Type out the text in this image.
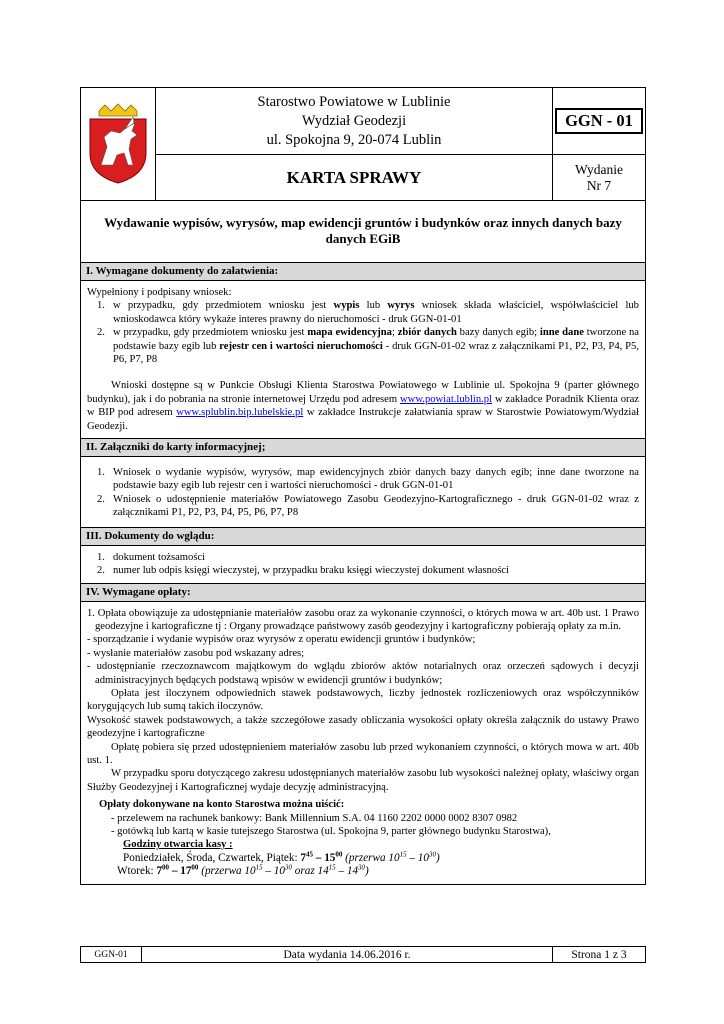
Starostwo Powiatowe w Lublinie
Wydział Geodezji
ul. Spokojna 9, 20-074 Lublin
KARTA SPRAWY
GGN - 01
Wydanie
Nr 7
Wydawanie wypisów, wyrysów, map ewidencji gruntów i budynków oraz innych danych bazy danych EGiB
I. Wymagane dokumenty do załatwienia:

Wypełniony i podpisany wniosek:

1. w przypadku, gdy przedmiotem wniosku jest wypis lub wyrys wniosek składa właściciel, współwłaściciel lub wnioskodawca który wykaże interes prawny do nieruchomości - druk GGN-01-01
2. w przypadku, gdy przedmiotem wniosku jest mapa ewidencyjna; zbiór danych bazy danych egib; inne dane tworzone na podstawie bazy egib lub rejestr cen i wartości nieruchomości - druk GGN-01-02 wraz z załącznikami P1, P2, P3, P4, P5, P6, P7, P8

Wnioski dostępne są w Punkcie Obsługi Klienta Starostwa Powiatowego w Lublinie ul. Spokojna 9 (parter głównego budynku), jak i do pobrania na stronie internetowej Urzędu pod adresem www.powiat.lublin.pl w zakładce Poradnik Klienta oraz w BIP pod adresem www.splublin.bip.lubelskie.pl w zakładce Instrukcje załatwiania spraw w Starostwie Powiatowym/Wydział Geodezji.

II. Załączniki do karty informacyjnej;
1. Wniosek o wydanie wypisów, wyrysów, map ewidencyjnych zbiór danych bazy danych egib; inne dane tworzone na podstawie bazy egib lub rejestr cen i wartości nieruchomości - druk GGN-01-01
2. Wniosek o udostępnienie materiałów Powiatowego Zasobu Geodezyjno-Kartograficznego - druk GGN-01-02 wraz z załącznikami P1, P2, P3, P4, P5, P6, P7, P8
III. Dokumenty do wglądu:
1. dokument tożsamości
2. numer lub odpis księgi wieczystej, w przypadku braku księgi wieczystej dokument własności
IV. Wymagane opłaty:

1. Opłata obowiązuje za udostępnianie materiałów zasobu oraz za wykonanie czynności, o których mowa w art. 40b ust. 1 Prawo geodezyjne i kartograficzne tj : Organy prowadzące państwowy zasób geodezyjny i kartograficzny pobierają opłaty za m.in.

- sporządzanie i wydanie wypisów oraz wyrysów z operatu ewidencji gruntów i budynków;

- wysłanie materiałów zasobu pod wskazany adres;

- udostępnianie rzeczoznawcom majątkowym do wglądu zbiorów aktów notarialnych oraz orzeczeń sądowych i decyzji administracyjnych będących podstawą wpisów w ewidencji gruntów i budynków;

Opłata jest iloczynem odpowiednich stawek podstawowych, liczby jednostek rozliczeniowych oraz współczynników korygujących lub sumą takich iloczynów.

Wysokość stawek podstawowych, a także szczegółowe zasady obliczania wysokości opłaty określa załącznik do ustawy Prawo geodezyjne i kartograficzne

Opłatę pobiera się przed udostępnieniem materiałów zasobu lub przed wykonaniem czynności, o których mowa w art. 40b ust. 1.

W przypadku sporu dotyczącego zakresu udostępnianych materiałów zasobu lub wysokości należnej opłaty, właściwy organ Służby Geodezyjnej i Kartograficznej wydaje decyzję administracyjną.

Opłaty dokonywane na konto Starostwa można uiścić:

- przelewem na rachunek bankowy: Bank Millennium S.A. 04 1160 2202 0000 0002 8307 0982

- gotówką lub kartą w kasie tutejszego Starostwa (ul. Spokojna 9, parter głównego budynku Starostwa),

Godziny otwarcia kasy :

Poniedziałek, Środa, Czwartek, Piątek: $7^{45} - 15^{00}$ (przerwa $10^{15} - 10^{30}$)

Wtorek: $7^{00} - 17^{00}$ (przerwa $10^{15} - 10^{30}$ oraz $14^{15} - 14^{30}$)

GGN-01	Data wydania 14.06.2016 r.	Strona 1 z 3
